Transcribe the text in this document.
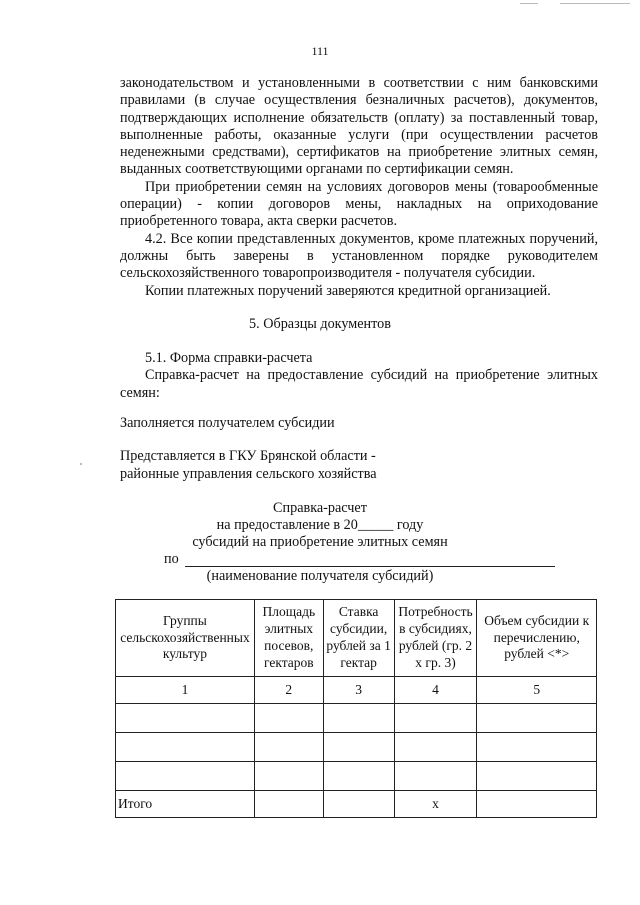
111

законодательством и установленными в соответствии с ним банковскими правилами (в случае осуществления безналичных расчетов), документов, подтверждающих исполнение обязательств (оплату) за поставленный товар, выполненные работы, оказанные услуги (при осуществлении расчетов неденежными средствами), сертификатов на приобретение элитных семян, выданных соответствующими органами по сертификации семян.

При приобретении семян на условиях договоров мены (товарообменные операции) - копии договоров мены, накладных на оприходование приобретенного товара, акта сверки расчетов.

4.2. Все копии представленных документов, кроме платежных поручений, должны быть заверены в установленном порядке руководителем сельскохозяйственного товаропроизводителя - получателя субсидии.

Копии платежных поручений заверяются кредитной организацией.

5. Образцы документов

5.1. Форма справки-расчета

Справка-расчет на предоставление субсидий на приобретение элитных семян:

Заполняется получателем субсидии
Представляется в ГКУ Брянской области -
районные управления сельского хозяйства
Справка-расчет
на предоставление в 20_____ году
субсидий на приобретение элитных семян
по
(наименование получателя субсидий)
Группы сельскохозяйственных культур	Площадь элитных посевов, гектаров	Ставка субсидии, рублей за 1 гектар	Потребность в субсидиях, рублей (гр. 2 x гр. 3)	Объем субсидии к перечислению, рублей <*>
1	2	3	4	5

Итого			x	
